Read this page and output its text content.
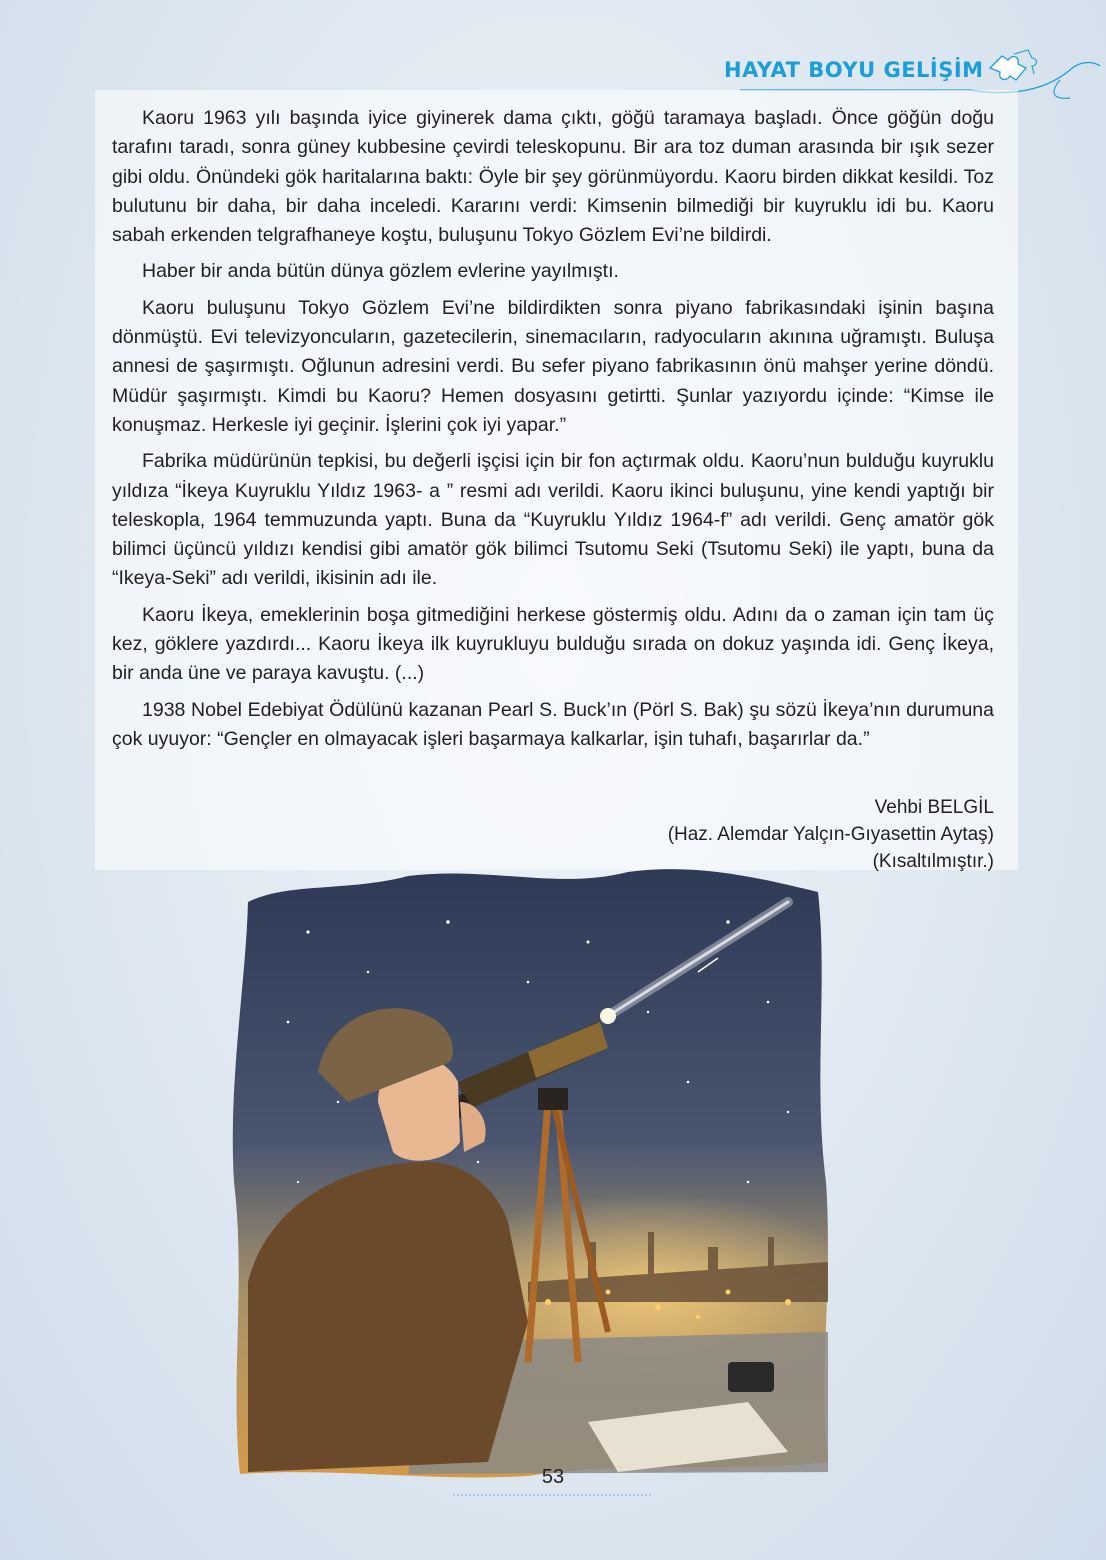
HAYAT BOYU GELİŞİM

Kaoru 1963 yılı başında iyice giyinerek dama çıktı, göğü taramaya başladı. Önce göğün doğu tarafını taradı, sonra güney kubbesine çevirdi teleskopunu. Bir ara toz duman arasında bir ışık sezer gibi oldu. Önündeki gök haritalarına baktı: Öyle bir şey görünmüyordu. Kaoru birden dikkat kesildi. Toz bulutunu bir daha, bir daha inceledi. Kararını verdi: Kimsenin bilmediği bir kuyruklu idi bu. Kaoru sabah erkenden telgrafhaneye koştu, buluşunu Tokyo Gözlem Evi’ne bildirdi.

Haber bir anda bütün dünya gözlem evlerine yayılmıştı.

Kaoru buluşunu Tokyo Gözlem Evi’ne bildirdikten sonra piyano fabrikasındaki işinin başına dönmüştü. Evi televizyoncuların, gazetecilerin, sinemacıların, radyocuların akınına uğramıştı. Buluşa annesi de şaşırmıştı. Oğlunun adresini verdi. Bu sefer piyano fabrikasının önü mahşer yerine döndü. Müdür şaşırmıştı. Kimdi bu Kaoru? Hemen dosyasını getirtti. Şunlar yazıyordu içinde: “Kimse ile konuşmaz. Herkesle iyi geçinir. İşlerini çok iyi yapar.”

Fabrika müdürünün tepkisi, bu değerli işçisi için bir fon açtırmak oldu. Kaoru’nun bulduğu kuyruklu yıldıza “İkeya Kuyruklu Yıldız 1963- a ” resmi adı verildi. Kaoru ikinci buluşunu, yine kendi yaptığı bir teleskopla, 1964 temmuzunda yaptı. Buna da “Kuyruklu Yıldız 1964-f” adı verildi. Genç amatör gök bilimci üçüncü yıldızı kendisi gibi amatör gök bilimci Tsutomu Seki (Tsutomu Seki) ile yaptı, buna da “Ikeya-Seki” adı verildi, ikisinin adı ile.

Kaoru İkeya, emeklerinin boşa gitmediğini herkese göstermiş oldu. Adını da o zaman için tam üç kez, göklere yazdırdı... Kaoru İkeya ilk kuyrukluyu bulduğu sırada on dokuz yaşında idi. Genç İkeya, bir anda üne ve paraya kavuştu. (...)

1938 Nobel Edebiyat Ödülünü kazanan Pearl S. Buck’ın (Pörl S. Bak) şu sözü İkeya’nın durumuna çok uyuyor: “Gençler en olmayacak işleri başarmaya kalkarlar, işin tuhafı, başarırlar da.”

Vehbi BELGİL
(Haz. Alemdar Yalçın-Gıyasettin Aytaş)
(Kısaltılmıştır.)
53
